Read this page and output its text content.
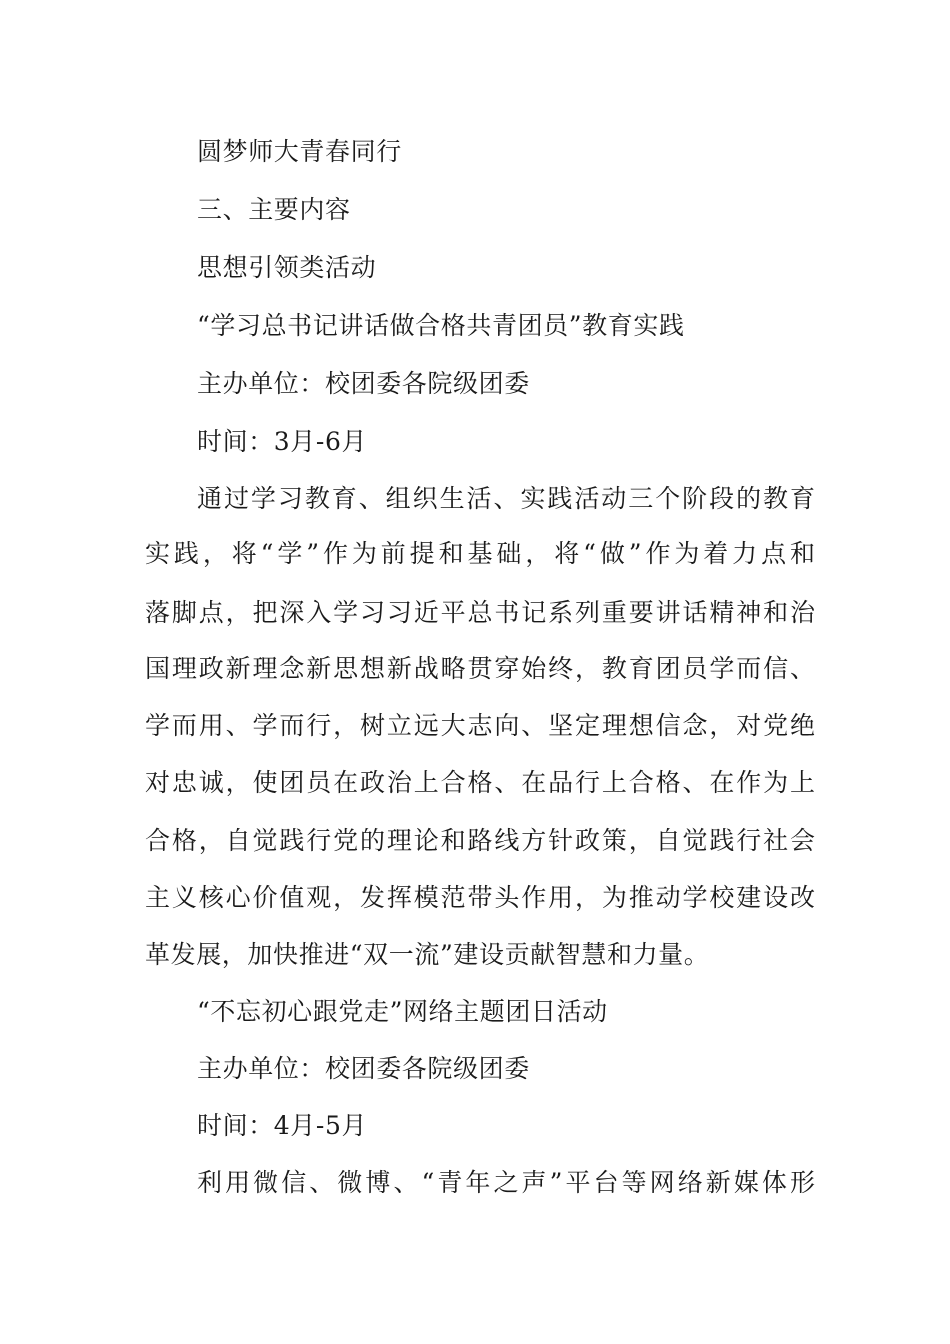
圆梦师大青春同行
三、主要内容
思想引领类活动
“学习总书记讲话做合格共青团员”教育实践
主办单位：校团委各院级团委
时间：3月-6月
通过学习教育、组织生活、实践活动三个阶段的教育
实践，将“学”作为前提和基础，将“做”作为着力点和
落脚点，把深入学习习近平总书记系列重要讲话精神和治
国理政新理念新思想新战略贯穿始终，教育团员学而信、
学而用、学而行，树立远大志向、坚定理想信念，对党绝
对忠诚，使团员在政治上合格、在品行上合格、在作为上
合格，自觉践行党的理论和路线方针政策，自觉践行社会
主义核心价值观，发挥模范带头作用，为推动学校建设改
革发展，加快推进“双一流”建设贡献智慧和力量。
“不忘初心跟党走”网络主题团日活动
主办单位：校团委各院级团委
时间：4月-5月
利用微信、微博、“青年之声”平台等网络新媒体形
